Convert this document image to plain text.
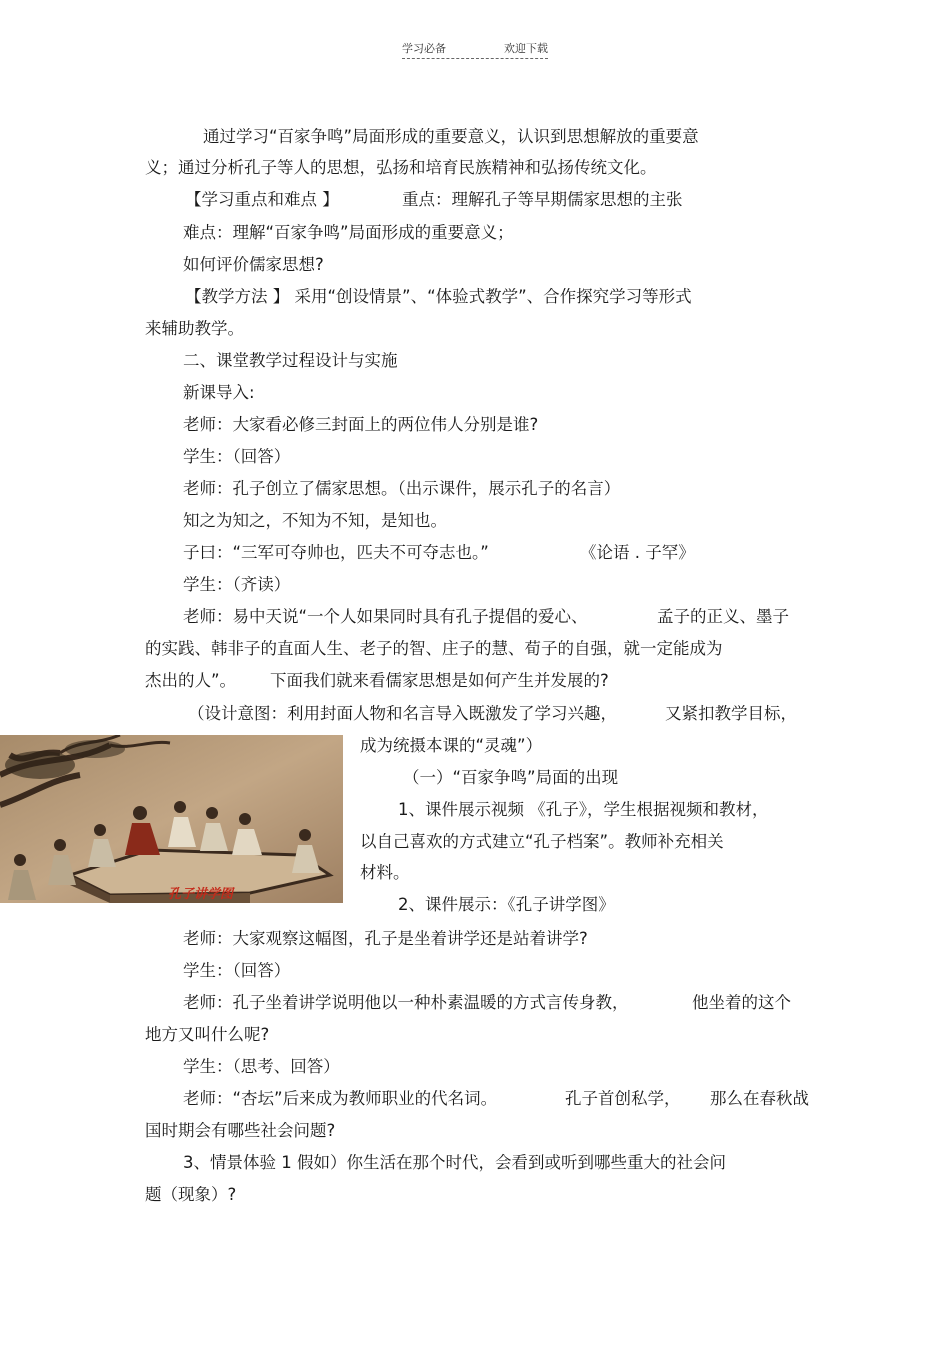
学习必备	欢迎下载
通过学习“百家争鸣”局面形成的重要意义，认识到思想解放的重要意
义；通过分析孔子等人的思想，弘扬和培育民族精神和弘扬传统文化。
【学习重点和难点 】	重点：理解孔子等早期儒家思想的主张
难点：理解“百家争鸣”局面形成的重要意义；
如何评价儒家思想?
【教学方法 】 采用“创设情景”、“体验式教学”、合作探究学习等形式
来辅助教学。
二、课堂教学过程设计与实施
新课导入:
老师：大家看必修三封面上的两位伟人分别是谁?
学生：（回答）
老师：孔子创立了儒家思想。（出示课件，展示孔子的名言）
知之为知之，不知为不知，是知也。
子曰：“三军可夺帅也，匹夫不可夺志也。”	《论语 . 子罕》
学生：（齐读）
老师：易中天说“一个人如果同时具有孔子提倡的爱心、	孟子的正义、墨子
的实践、韩非子的直面人生、老子的智、庄子的慧、荀子的自强，就一定能成为
杰出的人”。 下面我们就来看儒家思想是如何产生并发展的?
（设计意图：利用封面人物和名言导入既激发了学习兴趣，	又紧扣教学目标，
成为统摄本课的“灵魂”）
（一）“百家争鸣”局面的出现
1、课件展示视频 《孔子》，学生根据视频和教材，
以自己喜欢的方式建立“孔子档案”。教师补充相关
材料。
2、课件展示：《孔子讲学图》
老师：大家观察这幅图，孔子是坐着讲学还是站着讲学?
学生：（回答）
老师：孔子坐着讲学说明他以一种朴素温暖的方式言传身教，	他坐着的这个
地方又叫什么呢?
学生：（思考、回答）
老师：“杏坛”后来成为教师职业的代名词。	孔子首创私学， 那么在春秋战
国时期会有哪些社会问题?
3、情景体验 1 假如）你生活在那个时代，会看到或听到哪些重大的社会问
题（现象）?
孔子讲学图
